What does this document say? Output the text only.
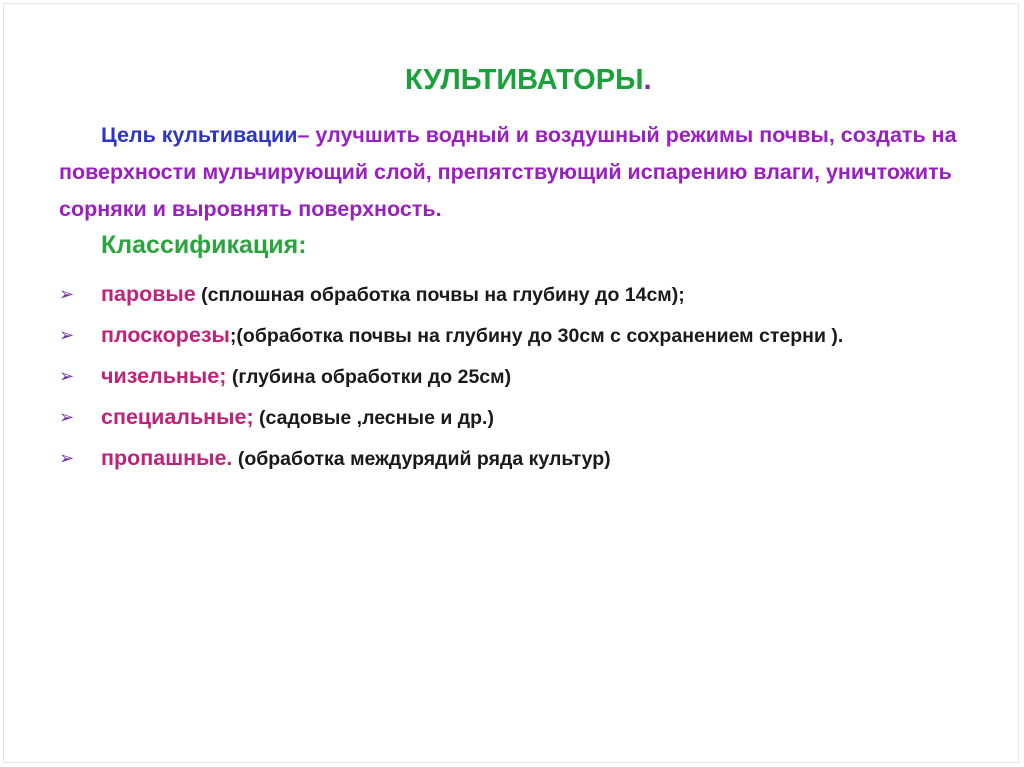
КУЛЬТИВАТОРЫ.
Цель культивации– улучшить водный и воздушный режимы почвы, создать на поверхности мульчирующий слой, препятствующий испарению влаги, уничтожить сорняки и выровнять поверхность.
Классификация:
➢ паровые (сплошная обработка почвы на глубину до 14см);
➢ плоскорезы;(обработка почвы на глубину до 30см с сохранением стерни ).
➢ чизельные; (глубина обработки до 25см)
➢ специальные; (садовые ,лесные и др.)
➢ пропашные. (обработка междурядий ряда культур)
